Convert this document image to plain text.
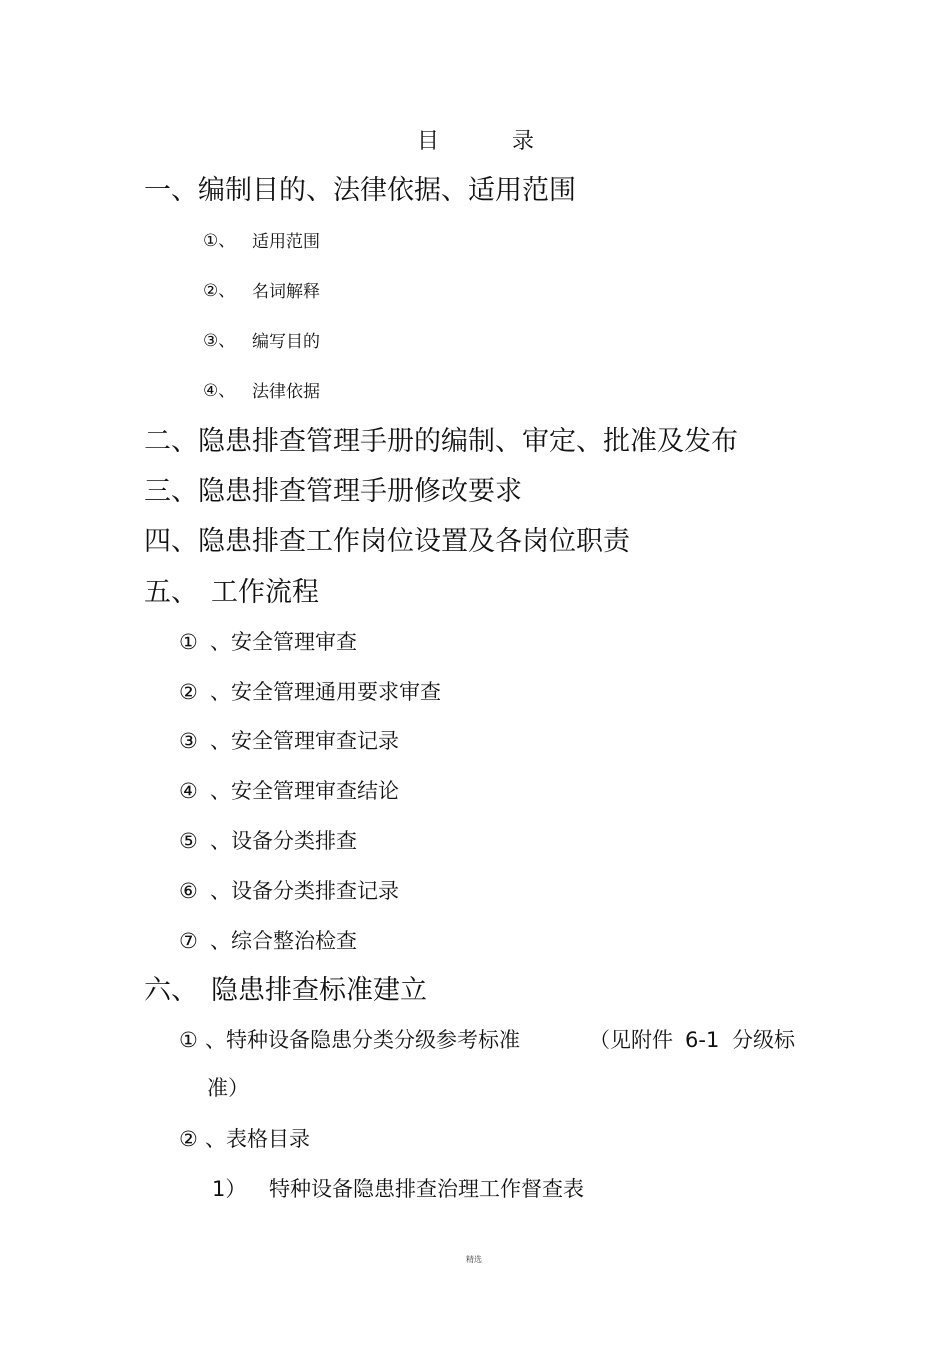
目	录
一、编制目的、法律依据、适用范围
①、 适用范围
②、 名词解释
③、 编写目的
④、 法律依据
二、隐患排查管理手册的编制、审定、批准及发布
三、隐患排查管理手册修改要求
四、隐患排查工作岗位设置及各岗位职责
五、 工作流程
① 、安全管理审查
② 、安全管理通用要求审查
③ 、安全管理审查记录
④ 、安全管理审查结论
⑤ 、设备分类排查
⑥ 、设备分类排查记录
⑦ 、综合整治检查
六、 隐患排查标准建立
① 、特种设备隐患分类分级参考标准	（见附件 6-1 分级标
准）
② 、表格目录
1） 特种设备隐患排查治理工作督查表
精选
